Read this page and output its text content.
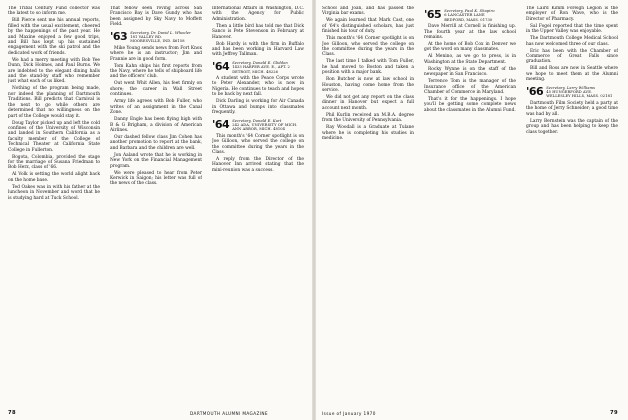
The Tribal Century Fund collector was the latest to so inform me.

Bill Pierce sent me his annual reports, filled with the usual excitement, cheered by the happenings of the past year. He and Maxine enjoyed a few good trips, and Bill has kept up his sustained engagement with the ski patrol and the dedicated work of friends.

We had a merry meeting with Bob Yee Dunn, Dick Holmes, and Paul Burns. We are indebted to the elegant dining halls and the stand-by staff who remember just what each of us liked.

Nothing of the program being made, nor indeed the planning of Dartmouth Traditions. Bill predicts that Carnival is the next to go while others are determined that no willingness on the part of the College would stay it.

Doug Taylor picked up and left the cold confines of the University of Wisconsin and landed in Southern California as a faculty member of the College of Technical Theater at California State College in Fullerton.

Bogota, Colombia, provided the stage for the marriage of Susana Friedman to Bob Herz, class of '66.

Al Volk is setting the world alight back on the home base.

Ted Oakes was in with his father at the luncheon in November and word that he is studying hard at Tuck School.

That fellow seen roving across San Francisco Bay is Dave Gundy who has been assigned by Sky Navy to Moffett Field.

'63 Secretary, Dr. David L. Wheeler
181 VALLEY RD.
MOORESVILLE, IND. 46158

Mike Young sends news from Fort Knox where he is an instructor; Jim and Frannie are in good form.

Tom Kahn ships his first reports from the Navy, where he tells of shipboard life and the officers' club.

Out went Whit Allen, his feet firmly on shore; the career in Wall Street continues.

Army life agrees with Bob Fuller, who writes of an assignment in the Canal Zone.

Danny Engle has been flying high with B & G Brigham, a division of American Airlines.

Our dashed fellow class Jim Cohen has another promotion to report at the bank, and Barbara and the children are well.

Jon Aaland wrote that he is working in New York on the Financial Management program.

We were pleased to hear from Peter Kerwick in Saigon; his letter was full of the news of the class.

International Affairs in Washington, D.C. with the Agency for Public Administration.

Then a little bird has told me that Dick Sanco is Pete Stevenson in February at Hanover.

Bob Hardy is with the firm in Buffalo and has been working in Harvard Law with Jeffrey Tallman.

'64 Secretary, Donald E. Gliddon
1433 HARPER AVE. E., APT. 2
DETROIT, MICH. 48226

A student with the Peace Corps wrote to Peter Alexander, who is now in Nigeria. He continues to teach and hopes to be back by next fall.

Dick Darling is working for Air Canada in Ottawa and bumps into classmates frequently.

'64 Secretary, Donald E. Kurt
242 ADA, UNIVERSITY OF MICH.
ANN ARBOR, MICH. 48104

This month's '64 Corner spotlight is on Joe Gilloon, who served the college on the committee during the years in the Class.

A reply from the Director of the Hanover Inn arrived stating that the mini-reunion was a success.

78	DARTMOUTH ALUMNI MAGAZINE

School and Joan, and has passed the Virginia bar exams.

We again learned that Mark Cast, one of '64's distinguished scholars, has just finished his tour of duty.

This month's '64 Corner spotlight is on Joe Gilloon, who served the college on the committee during the years in the Class.

The last time I talked with Tom Fuller, he had moved to Boston and taken a position with a major bank.

Ron Butcher is now at law school in Houston, having come home from the service.

We did not get any report on the class dinner in Hanover but expect a full account next month.

Phil Kurlin received an M.B.A. degree from the University of Pennsylvania.

Ray Woodall is a Graduate at Tulane where he is completing his studies in medicine.

'65 Secretary, Paul K. Shapiro
6 LANCASTER LANE
BEDFORD, MASS. 01730

Dave Merrill at Cornell is finishing up. The fourth year at the law school remains.

At the home of Bob Cox in Denver we got the word on many classmates.

Al Menino, as we go to press, is in Washington at the State Department.

Rocky Wynne is on the staff of the newspaper in San Francisco.

Terrence Tom is the manager of the Insurance office of the American Chamber of Commerce in Maryland.

That's it for the happenings. I hope you'll be getting some complete news about the classmates in the Alumni Fund.

The Laird Kimm Foreign Legion is the employer of Ron Wave, who is the Director of Pharmacy.

Sal Fogel reported that the time spent in the Upper Valley was enjoyable.

The Dartmouth College Medical School has now welcomed three of our class.

Eric has been with the Chamber of Commerce of Great Falls since graduation.

Bill and Ross are now in Seattle where we hope to meet them at the Alumni meeting.

'66 Secretary, Larry Williams
45 HUNGERFORD AVE.
WELLESLEY HILLS, MASS. 02181

Dartmouth Film Society held a party at the home of Jerry Schneider; a good time was had by all.

Larry Bernstein was the captain of the group and has been helping to keep the class together.

Issue of January 1970	79
